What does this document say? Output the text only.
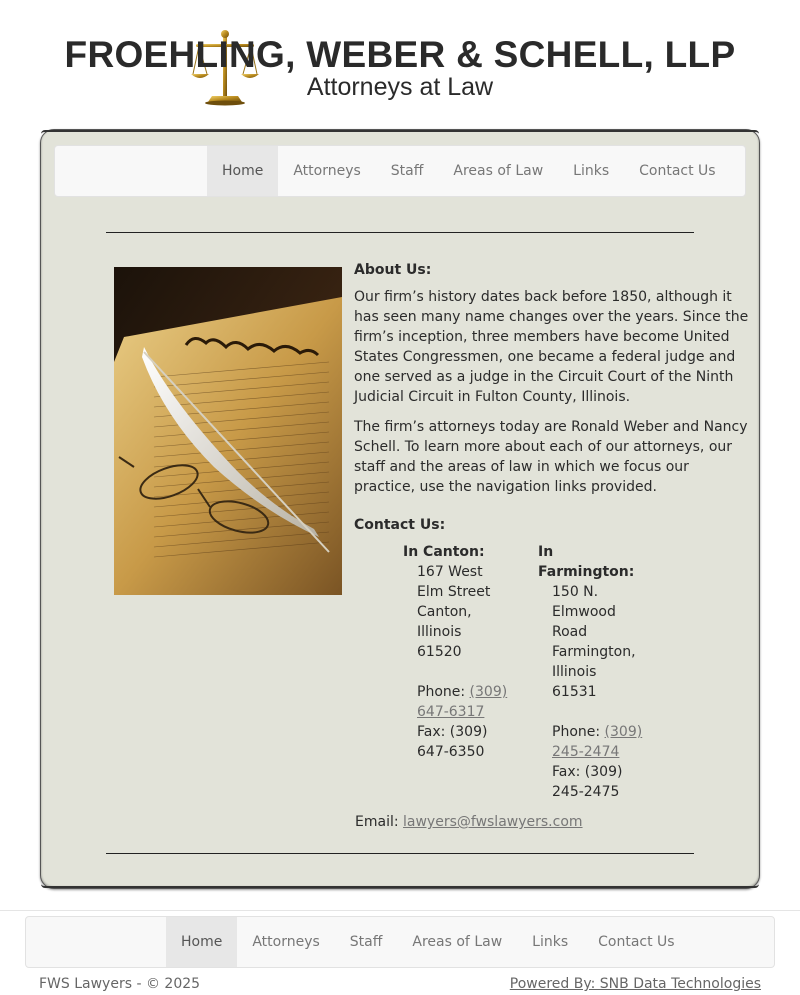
FROEHLING, WEBER & SCHELL, LLP
Attorneys at Law
Home	Attorneys	Staff	Areas of Law	Links	Contact Us

About Us:

Our firm’s history dates back before 1850, although it has seen many name changes over the years. Since the firm’s inception, three members have become United States Congressmen, one became a federal judge and one served as a judge in the Circuit Court of the Ninth Judicial Circuit in Fulton County, Illinois.

The firm’s attorneys today are Ronald Weber and Nancy Schell. To learn more about each of our attorneys, our staff and the areas of law in which we focus our practice, use the navigation links provided.

Contact Us:

In Canton:
167 West
Elm Street
Canton,
Illinois
61520
Phone: (309)
647-6317
Fax: (309)
647-6350
In
Farmington:
150 N.
Elmwood
Road
Farmington,
Illinois
61531
Phone: (309)
245-2474
Fax: (309)
245-2475
Email: lawyers@fwslawyers.com
Home	Attorneys	Staff	Areas of Law	Links	Contact Us
FWS Lawyers - © 2025	Powered By: SNB Data Technologies
